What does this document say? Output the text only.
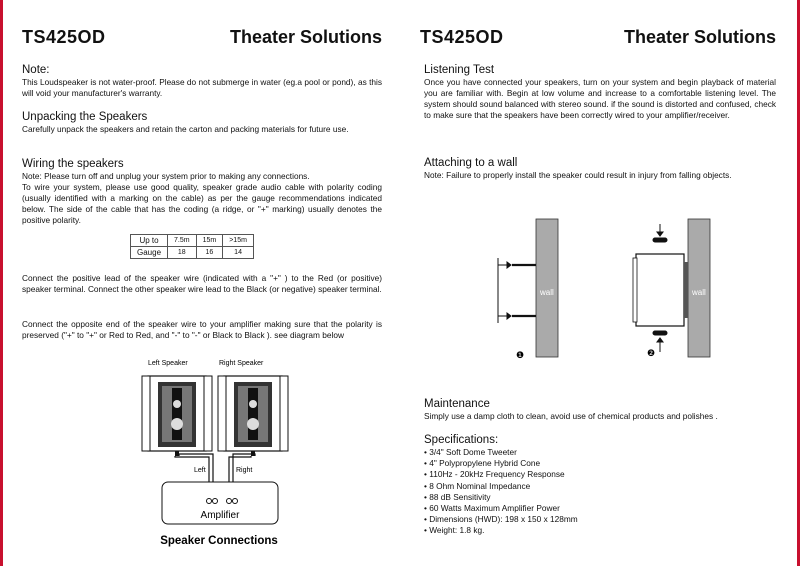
TS425OD	Theater Solutions

Note:

This Loudspeaker is not water-proof. Please do not submerge in water (eg.a pool or pond), as this will void your manufacturer's warranty.

Unpacking the Speakers

Carefully unpack the speakers and retain the carton and packing materials for future use.

Wiring the speakers

Note: Please turn off and unplug your system prior to making any connections.

To wire your system, please use good quality, speaker grade audio cable with polarity coding (usually identified with a marking on the cable) as per the gauge recommendations indicated below. The side of the cable that has the coding (a ridge, or "+" marking) usually denotes the positive polarity.

Up to	7.5m	15m	>15m
Gauge	18	16	14

Connect the positive lead of the speaker wire (indicated with a "+" ) to the Red (or positive) speaker terminal. Connect the other speaker wire lead to the Black (or negative) speaker terminal.

Connect the opposite end of the speaker wire to your amplifier making sure that the polarity is preserved ("+" to "+" or Red to Red, and "-" to "-" or Black to Black ). see diagram below

Left Speaker	Right Speaker
Left	Right
Amplifier
Speaker Connections
TS425OD	Theater Solutions

Listening Test

Once you have connected your speakers, turn on your system and begin playback of material you are familiar with. Begin at low volume and increase to a comfortable listening level. The system should sound balanced with stereo sound. if the sound is distorted and confused, check to make sure that the speakers have been correctly wired to your amplifier/receiver.

Attaching to a wall

Note: Failure to properly install the speaker could result in injury from falling objects.

wall
❶
wall
❷

Maintenance

Simply use a damp cloth to clean, avoid use of chemical products and polishes .

Specifications:

• 3/4" Soft Dome Tweeter
• 4" Polypropylene Hybrid Cone
• 110Hz - 20kHz Frequency Response
• 8 Ohm Nominal Impedance
• 88 dB Sensitivity
• 60 Watts Maximum Amplifier Power
• Dimensions (HWD): 198 x 150 x 128mm
• Weight: 1.8 kg.
